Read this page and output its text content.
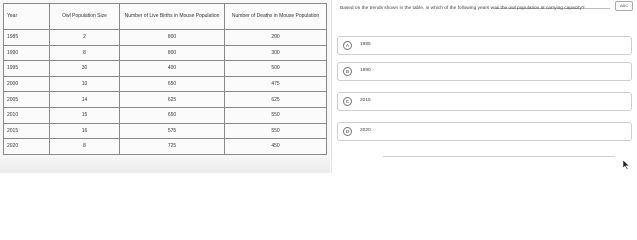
Year	Owl Population Size	Number of Live Births in Mouse Population	Number of Deaths in Mouse Population
1985	2	800	200
1990	8	800	300
1995	30	400	500
2000	10	650	475
2005	14	625	625
2010	15	650	550
2015	16	575	550
2020	8	725	450
ABC
Based on the trends shown in the table, in which of the following years was the owl population at carrying capacity?
A	1985
B	1990
C	2015
D	2020
